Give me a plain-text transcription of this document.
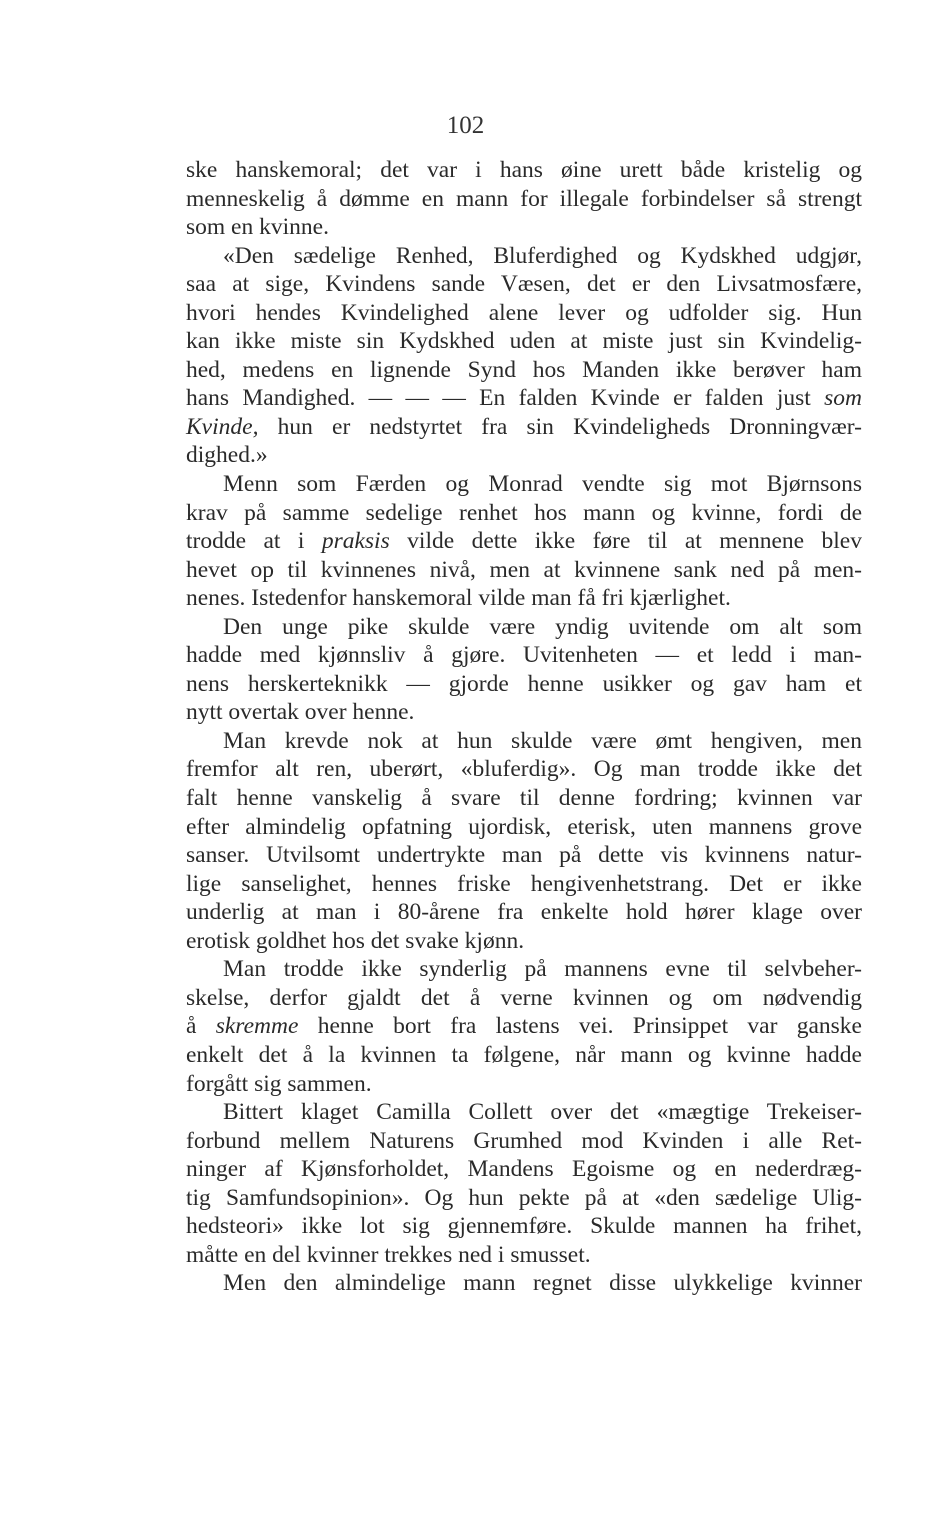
102
ske hanskemoral; det var i hans øine urett både kristelig og
menneskelig å dømme en mann for illegale forbindelser så strengt
som en kvinne.
«Den sædelige Renhed, Bluferdighed og Kydskhed udgjør,
saa at sige, Kvindens sande Væsen, det er den Livsatmosfære,
hvori hendes Kvindelighed alene lever og udfolder sig. Hun
kan ikke miste sin Kydskhed uden at miste just sin Kvindelig-
hed, medens en lignende Synd hos Manden ikke berøver ham
hans Mandighed. — — — En falden Kvinde er falden just som
Kvinde, hun er nedstyrtet fra sin Kvindeligheds Dronningvær-
dighed.»
Menn som Færden og Monrad vendte sig mot Bjørnsons
krav på samme sedelige renhet hos mann og kvinne, fordi de
trodde at i praksis vilde dette ikke føre til at mennene blev
hevet op til kvinnenes nivå, men at kvinnene sank ned på men-
nenes. Istedenfor hanskemoral vilde man få fri kjærlighet.
Den unge pike skulde være yndig uvitende om alt som
hadde med kjønnsliv å gjøre. Uvitenheten — et ledd i man-
nens herskerteknikk — gjorde henne usikker og gav ham et
nytt overtak over henne.
Man krevde nok at hun skulde være ømt hengiven, men
fremfor alt ren, uberørt, «bluferdig». Og man trodde ikke det
falt henne vanskelig å svare til denne fordring; kvinnen var
efter almindelig opfatning ujordisk, eterisk, uten mannens grove
sanser. Utvilsomt undertrykte man på dette vis kvinnens natur-
lige sanselighet, hennes friske hengivenhetstrang. Det er ikke
underlig at man i 80-årene fra enkelte hold hører klage over
erotisk goldhet hos det svake kjønn.
Man trodde ikke synderlig på mannens evne til selvbeher-
skelse, derfor gjaldt det å verne kvinnen og om nødvendig
å skremme henne bort fra lastens vei. Prinsippet var ganske
enkelt det å la kvinnen ta følgene, når mann og kvinne hadde
forgått sig sammen.
Bittert klaget Camilla Collett over det «mægtige Trekeiser-
forbund mellem Naturens Grumhed mod Kvinden i alle Ret-
ninger af Kjønsforholdet, Mandens Egoisme og en nederdræg-
tig Samfundsopinion». Og hun pekte på at «den sædelige Ulig-
hedsteori» ikke lot sig gjennemføre. Skulde mannen ha frihet,
måtte en del kvinner trekkes ned i smusset.
Men den almindelige mann regnet disse ulykkelige kvinner
